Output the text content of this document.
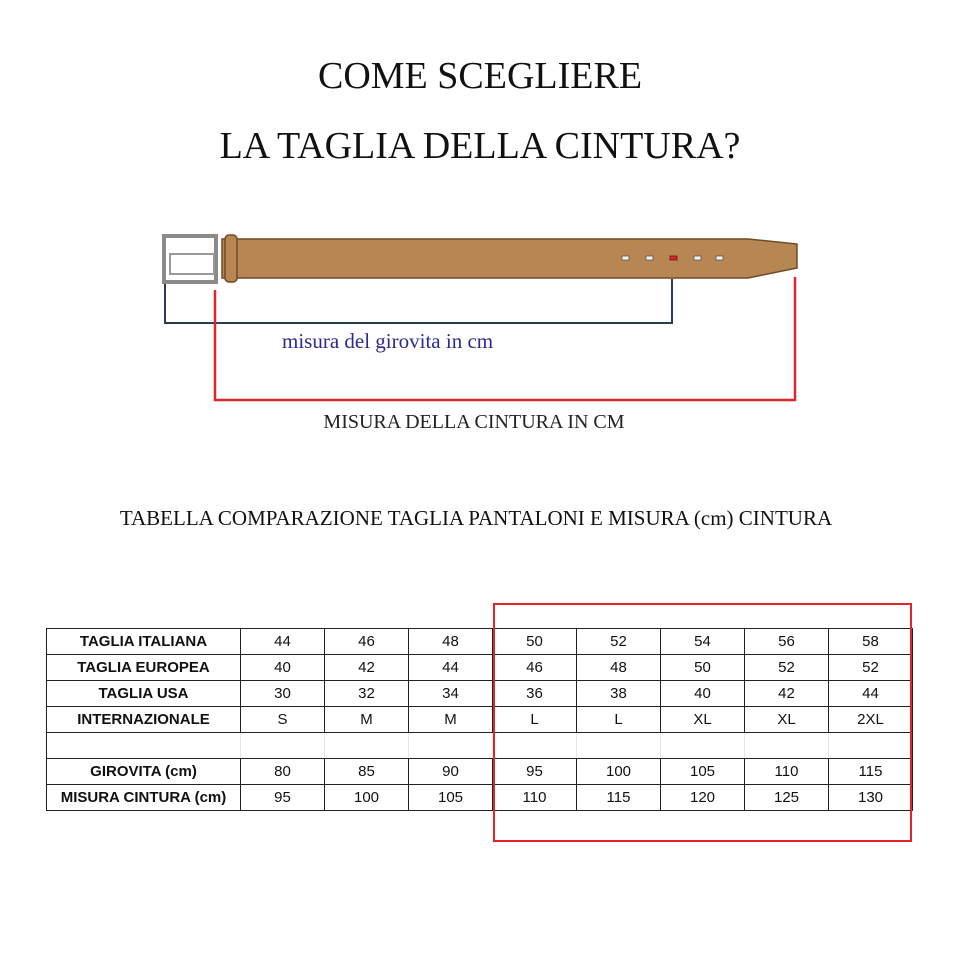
COME SCEGLIERE
LA TAGLIA DELLA CINTURA?
misura del girovita in cm
MISURA DELLA CINTURA IN CM
TABELLA COMPARAZIONE TAGLIA PANTALONI E MISURA (cm) CINTURA
TAGLIA ITALIANA	44	46	48	50	52	54	56	58
TAGLIA EUROPEA	40	42	44	46	48	50	52	52
TAGLIA USA	30	32	34	36	38	40	42	44
INTERNAZIONALE	S	M	M	L	L	XL	XL	2XL

GIROVITA (cm)	80	85	90	95	100	105	110	115
MISURA CINTURA (cm)	95	100	105	110	115	120	125	130
